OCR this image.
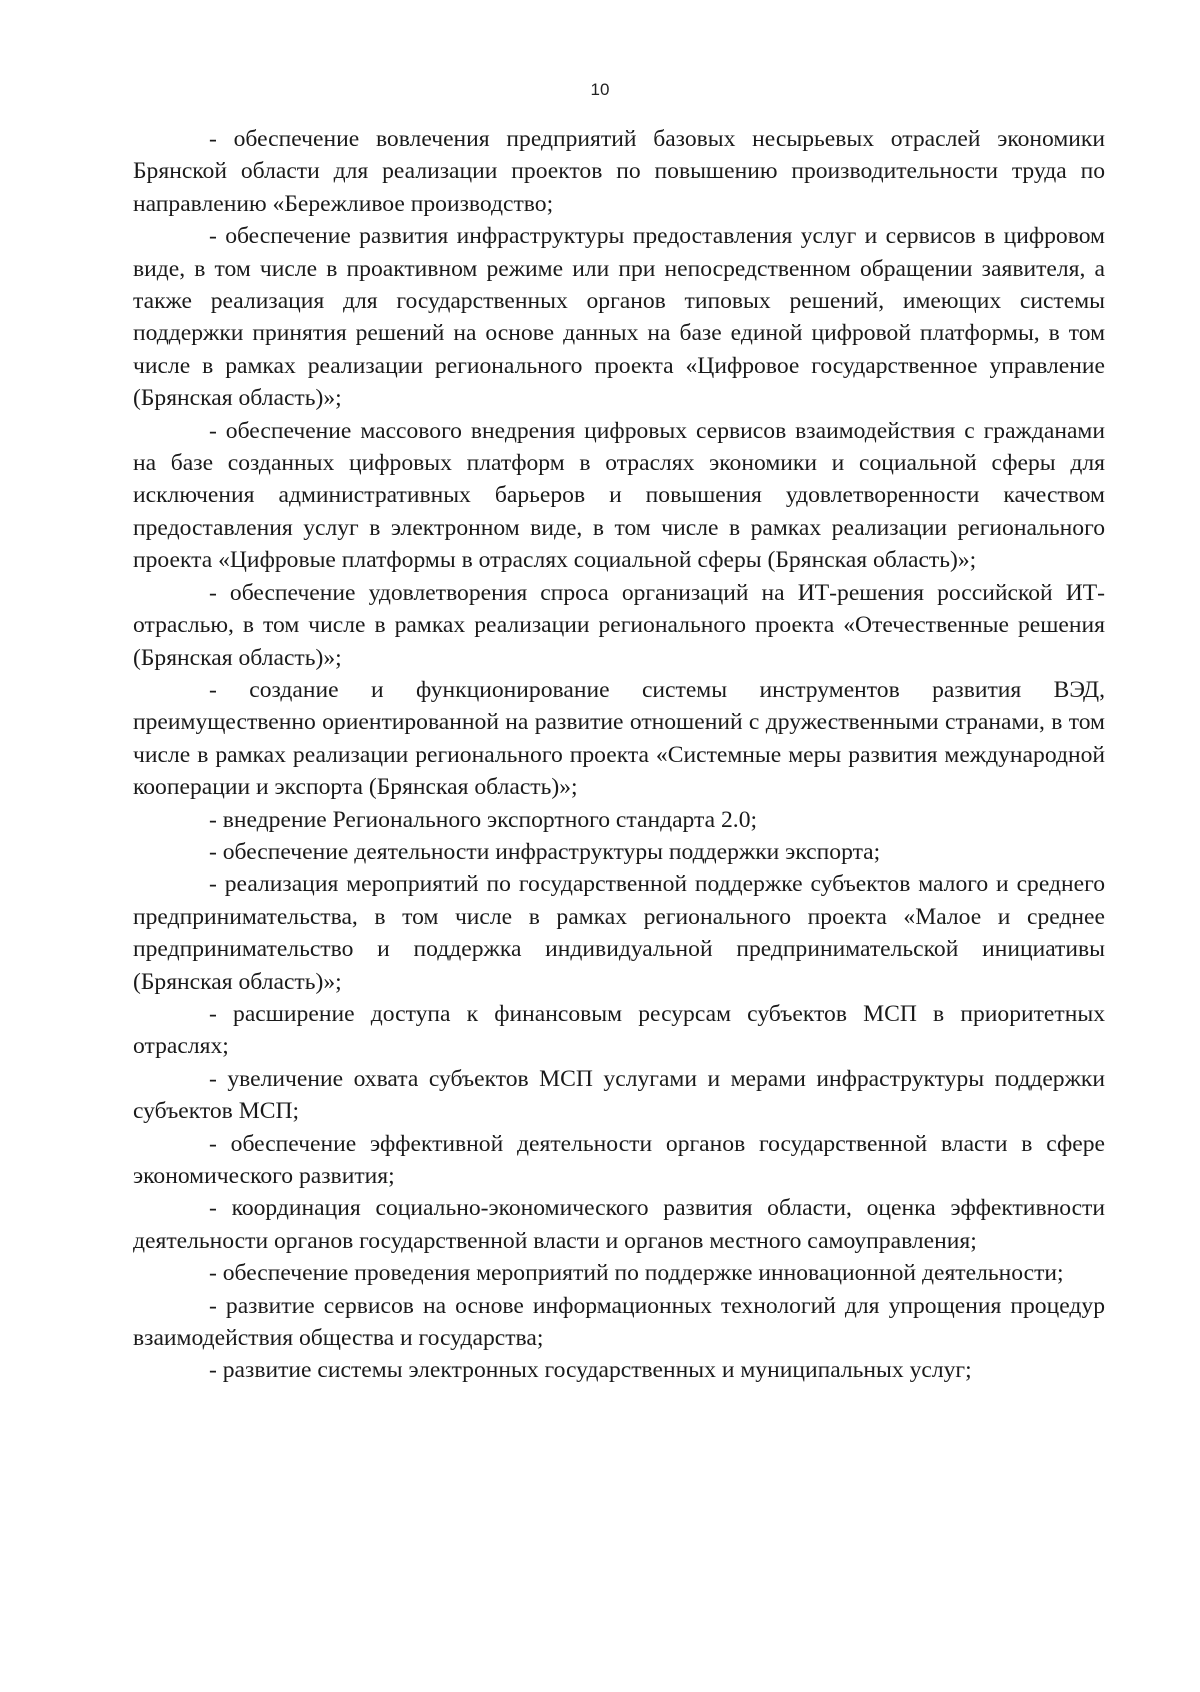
10

- обеспечение вовлечения предприятий базовых несырьевых отраслей экономики Брянской области для реализации проектов по повышению производительности труда по направлению «Бережливое производство;

- обеспечение развития инфраструктуры предоставления услуг и сервисов в цифровом виде, в том числе в проактивном режиме или при непосредственном обращении заявителя, а также реализация для государственных органов типовых решений, имеющих системы поддержки принятия решений на основе данных на базе единой цифровой платформы, в том числе в рамках реализации регионального проекта «Цифровое государственное управление (Брянская область)»;

- обеспечение массового внедрения цифровых сервисов взаимодействия с гражданами на базе созданных цифровых платформ в отраслях экономики и социальной сферы для исключения административных барьеров и повышения удовлетворенности качеством предоставления услуг в электронном виде, в том числе в рамках реализации регионального проекта «Цифровые платформы в отраслях социальной сферы (Брянская область)»;

- обеспечение удовлетворения спроса организаций на ИТ-решения российской ИТ-отраслью, в том числе в рамках реализации регионального проекта «Отечественные решения (Брянская область)»;

- создание и функционирование системы инструментов развития ВЭД, преимущественно ориентированной на развитие отношений с дружественными странами, в том числе в рамках реализации регионального проекта «Системные меры развития международной кооперации и экспорта (Брянская область)»;

- внедрение Регионального экспортного стандарта 2.0;

- обеспечение деятельности инфраструктуры поддержки экспорта;

- реализация мероприятий по государственной поддержке субъектов малого и среднего предпринимательства, в том числе в рамках регионального проекта «Малое и среднее предпринимательство и поддержка индивидуальной предпринимательской инициативы (Брянская область)»;

- расширение доступа к финансовым ресурсам субъектов МСП в приоритетных отраслях;

- увеличение охвата субъектов МСП услугами и мерами инфраструктуры поддержки субъектов МСП;

- обеспечение эффективной деятельности органов государственной власти в сфере экономического развития;

- координация социально-экономического развития области, оценка эффективности деятельности органов государственной власти и органов местного самоуправления;

- обеспечение проведения мероприятий по поддержке инновационной деятельности;

- развитие сервисов на основе информационных технологий для упрощения процедур взаимодействия общества и государства;

- развитие системы электронных государственных и муниципальных услуг;
